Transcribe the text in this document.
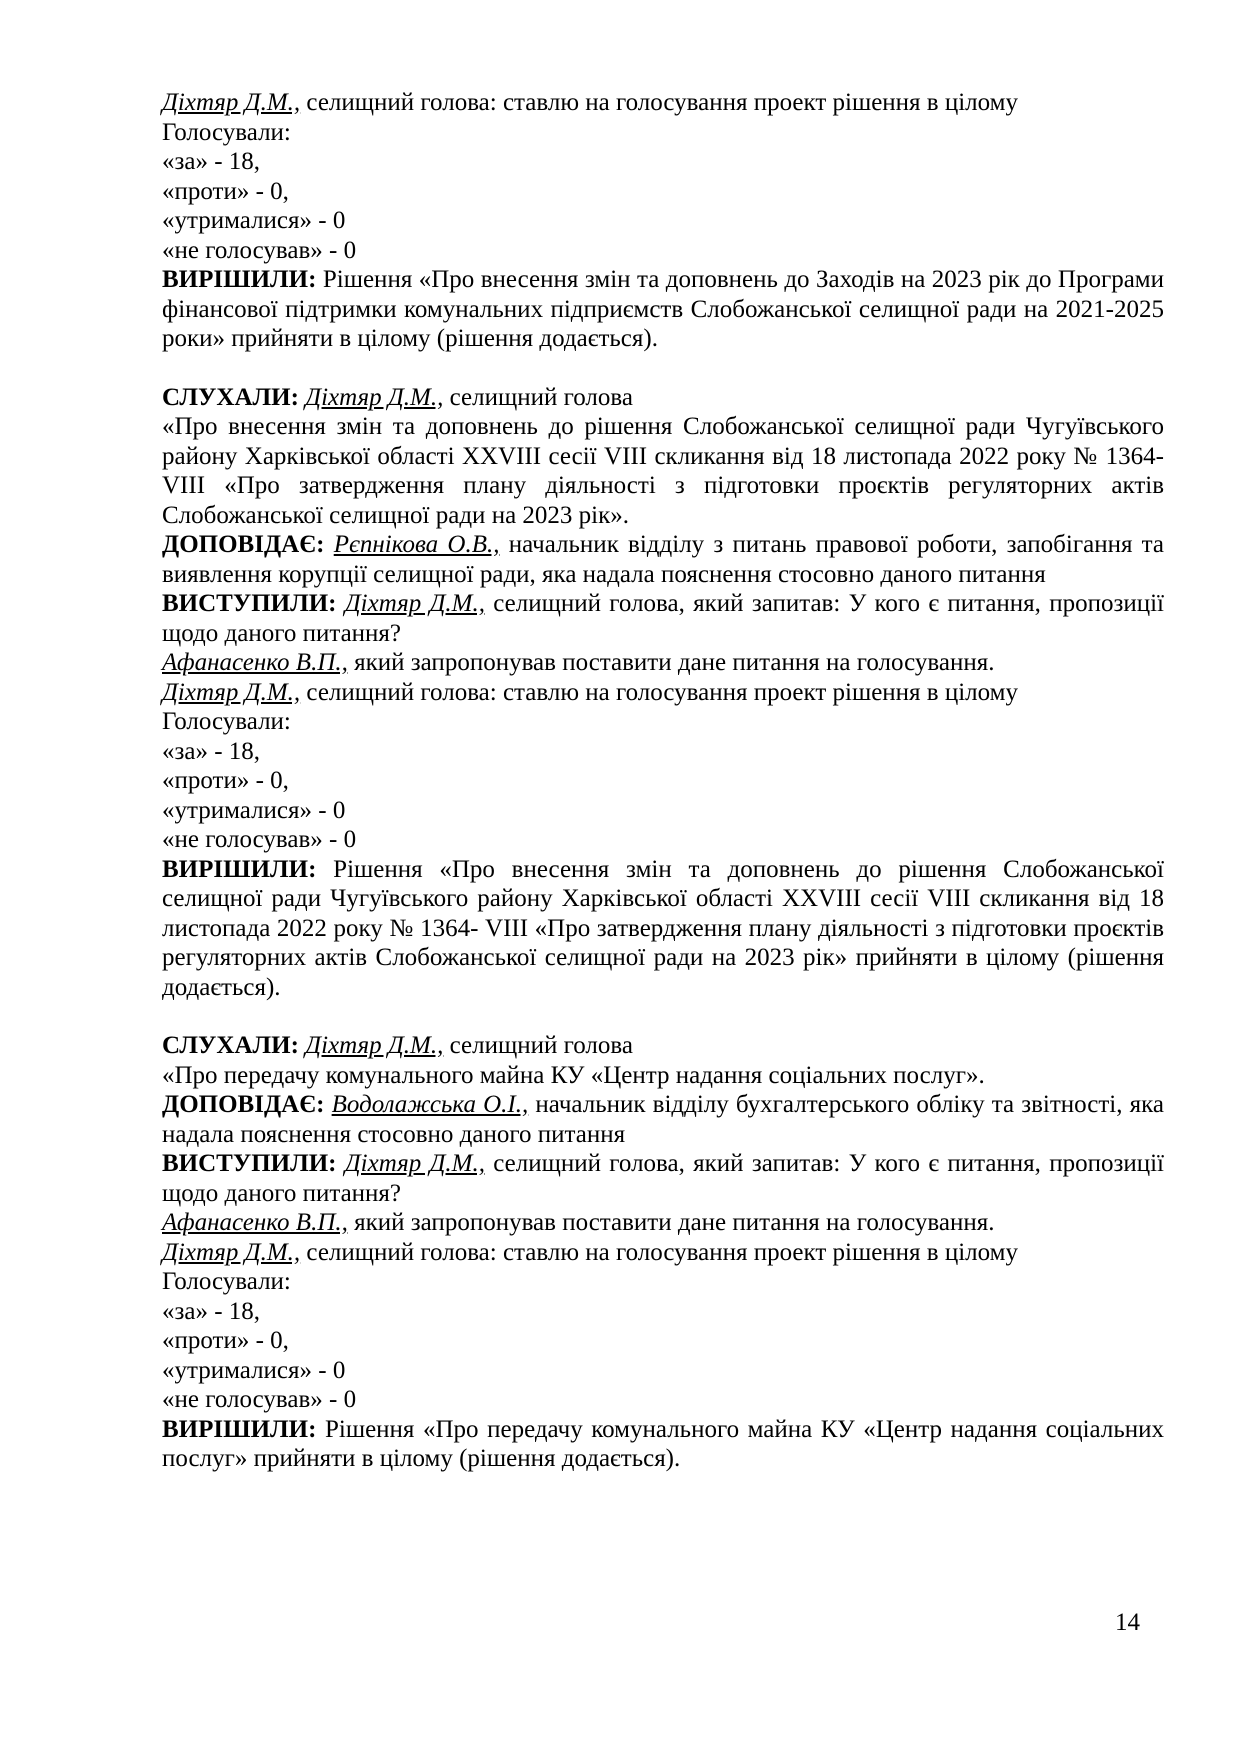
Діхтяр Д.М., селищний голова: ставлю на голосування проект рішення в цілому
Голосували:
«за» - 18,
«проти» - 0,
«утрималися» - 0
«не голосував» - 0
ВИРІШИЛИ: Рішення «Про внесення змін та доповнень до Заходів на 2023 рік до Програми фінансової підтримки комунальних підприємств Слобожанської селищної ради на 2021-2025 роки» прийняти в цілому (рішення додається).
СЛУХАЛИ: Діхтяр Д.М., селищний голова
«Про внесення змін та доповнень до рішення Слобожанської селищної ради Чугуївського району Харківської області XXVIII сесії VIII скликання від 18 листопада 2022 року № 1364- VIII «Про затвердження плану діяльності з підготовки проєктів регуляторних актів Слобожанської селищної ради на 2023 рік».
ДОПОВІДАЄ: Рєпнікова О.В., начальник відділу з питань правової роботи, запобігання та виявлення корупції селищної ради, яка надала пояснення стосовно даного питання
ВИСТУПИЛИ: Діхтяр Д.М., селищний голова, який запитав: У кого є питання, пропозиції щодо даного питання?
Афанасенко В.П., який запропонував поставити дане питання на голосування.
Діхтяр Д.М., селищний голова: ставлю на голосування проект рішення в цілому
Голосували:
«за» - 18,
«проти» - 0,
«утрималися» - 0
«не голосував» - 0
ВИРІШИЛИ: Рішення «Про внесення змін та доповнень до рішення Слобожанської селищної ради Чугуївського району Харківської області XXVIII сесії VIII скликання від 18 листопада 2022 року № 1364- VIII «Про затвердження плану діяльності з підготовки проєктів регуляторних актів Слобожанської селищної ради на 2023 рік» прийняти в цілому (рішення додається).
СЛУХАЛИ: Діхтяр Д.М., селищний голова
«Про передачу комунального майна КУ «Центр надання соціальних послуг».
ДОПОВІДАЄ: Водолажська О.І., начальник відділу бухгалтерського обліку та звітності, яка надала пояснення стосовно даного питання
ВИСТУПИЛИ: Діхтяр Д.М., селищний голова, який запитав: У кого є питання, пропозиції щодо даного питання?
Афанасенко В.П., який запропонував поставити дане питання на голосування.
Діхтяр Д.М., селищний голова: ставлю на голосування проект рішення в цілому
Голосували:
«за» - 18,
«проти» - 0,
«утрималися» - 0
«не голосував» - 0
ВИРІШИЛИ: Рішення «Про передачу комунального майна КУ «Центр надання соціальних послуг» прийняти в цілому (рішення додається).
14
